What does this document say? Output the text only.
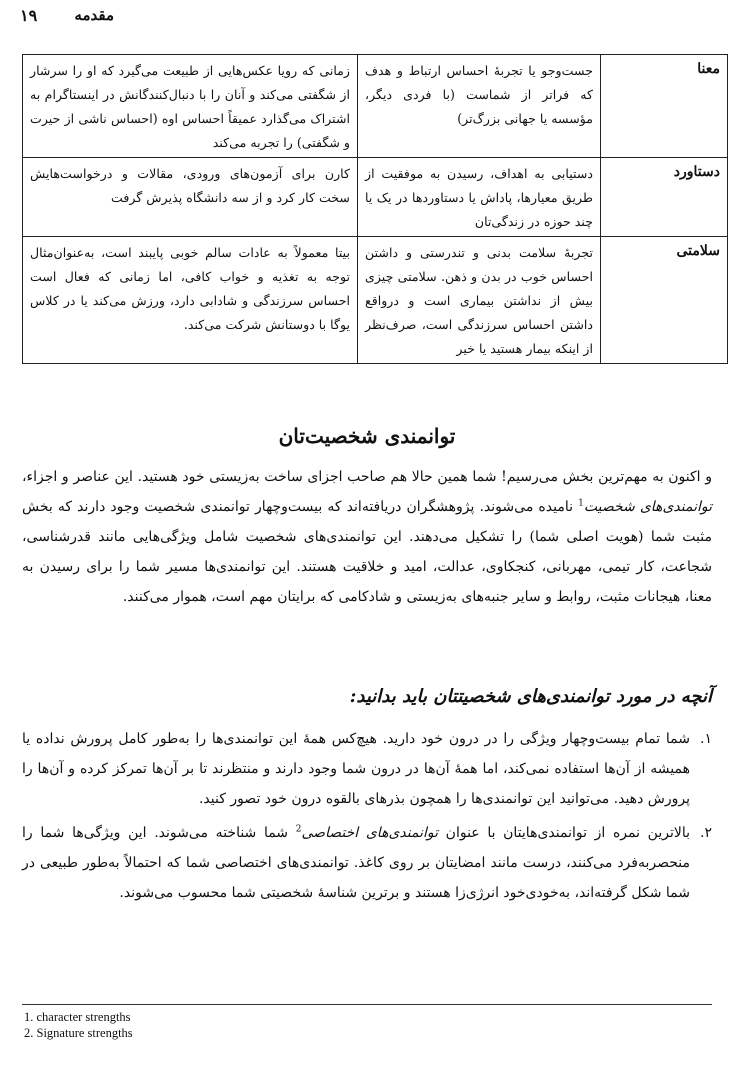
مقدمه
۱۹
معنا	جست‌وجو یا تجربهٔ احساس ارتباط و هدف که فراتر از شماست (با فردی دیگر، مؤسسه یا جهانی بزرگ‌تر)	زمانی که رویا عکس‌هایی از طبیعت می‌گیرد که او را سرشار از شگفتی می‌کند و آنان را با دنبال‌کنندگانش در اینستاگرام به اشتراک می‌گذارد عمیقاً احساس اوه (احساس ناشی از حیرت و شگفتی) را تجربه می‌کند
دستاورد	دستیابی به اهداف، رسیدن به موفقیت از طریق معیارها، پاداش یا دستاوردها در یک یا چند حوزه در زندگی‌تان	کارن برای آزمون‌های ورودی، مقالات و درخواست‌هایش سخت کار کرد و از سه دانشگاه پذیرش گرفت
سلامتی	تجربهٔ سلامت بدنی و تندرستی و داشتن احساس خوب در بدن و ذهن. سلامتی چیزی بیش از نداشتن بیماری است و درواقع داشتن احساس سرزندگی است، صرف‌نظر از اینکه بیمار هستید یا خیر	بیتا معمولاً به عادات سالم خوبی پایبند است، به‌عنوان‌مثال توجه به تغذیه و خواب کافی، اما زمانی که فعال است احساس سرزندگی و شادابی دارد، ورزش می‌کند یا در کلاس یوگا با دوستانش شرکت می‌کند.
توانمندی شخصیت‌تان
و اکنون به مهم‌ترین بخش می‌رسیم! شما همین حالا هم صاحب اجزای ساخت به‌زیستی خود هستید. این عناصر و اجزاء، توانمندی‌های شخصیت$^1$ نامیده می‌شوند. پژوهشگران دریافته‌اند که بیست‌وچهار توانمندی شخصیت وجود دارند که بخش مثبت شما (هویت اصلی شما) را تشکیل می‌دهند. این توانمندی‌های شخصیت شامل ویژگی‌هایی مانند قدرشناسی، شجاعت، کار تیمی، مهربانی، کنجکاوی، عدالت، امید و خلاقیت هستند. این توانمندی‌ها مسیر شما را برای رسیدن به معنا، هیجانات مثبت، روابط و سایر جنبه‌های به‌زیستی و شادکامی که برایتان مهم است، هموار می‌کنند.
آنچه در مورد توانمندی‌های شخصیتتان باید بدانید:
۱.
شما تمام بیست‌وچهار ویژگی را در درون خود دارید. هیچ‌کس همهٔ این توانمندی‌ها را به‌طور کامل پرورش نداده یا همیشه از آن‌ها استفاده نمی‌کند، اما همهٔ آن‌ها در درون شما وجود دارند و منتظرند تا بر آن‌ها تمرکز کرده و آن‌ها را پرورش دهید. می‌توانید این توانمندی‌ها را همچون بذرهای بالقوه درون خود تصور کنید.
۲.
بالاترین نمره از توانمندی‌هایتان با عنوان توانمندی‌های اختصاصی$^2$ شما شناخته می‌شوند. این ویژگی‌ها شما را منحصربه‌فرد می‌کنند، درست مانند امضایتان بر روی کاغذ. توانمندی‌های اختصاصی شما که احتمالاً به‌طور طبیعی در شما شکل گرفته‌اند، به‌خودی‌خود انرژی‌زا هستند و برترین شناسهٔ شخصیتی شما محسوب می‌شوند.
1. character strengths
2. Signature strengths
